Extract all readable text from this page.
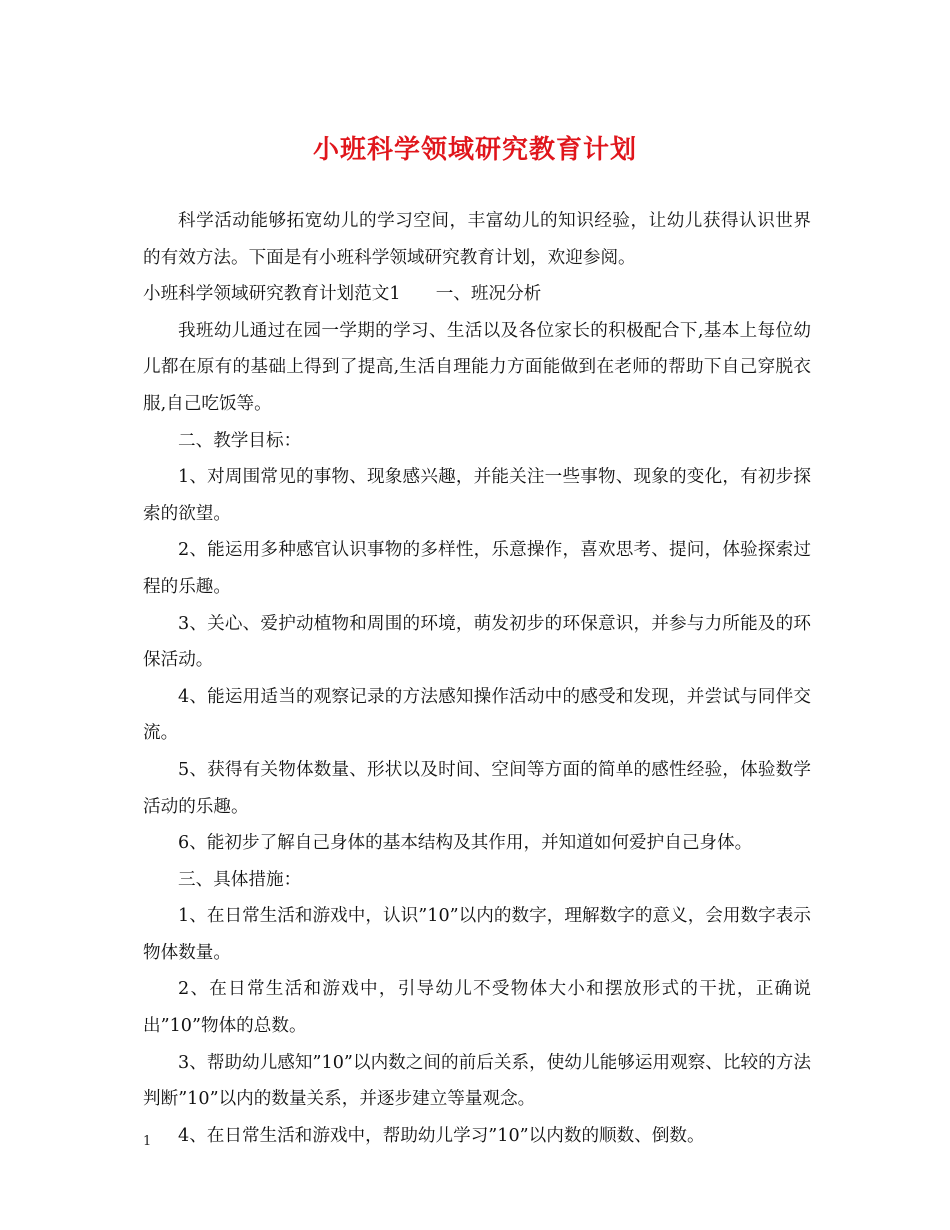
小班科学领域研究教育计划

科学活动能够拓宽幼儿的学习空间，丰富幼儿的知识经验，让幼儿获得认识世界的有效方法。下面是有小班科学领域研究教育计划，欢迎参阅。

小班科学领域研究教育计划范文1　　一、班况分析

我班幼儿通过在园一学期的学习、生活以及各位家长的积极配合下,基本上每位幼儿都在原有的基础上得到了提高,生活自理能力方面能做到在老师的帮助下自己穿脱衣服,自己吃饭等。

二、教学目标：

1、对周围常见的事物、现象感兴趣，并能关注一些事物、现象的变化，有初步探索的欲望。

2、能运用多种感官认识事物的多样性，乐意操作，喜欢思考、提问，体验探索过程的乐趣。

3、关心、爱护动植物和周围的环境，萌发初步的环保意识，并参与力所能及的环保活动。

4、能运用适当的观察记录的方法感知操作活动中的感受和发现，并尝试与同伴交流。

5、获得有关物体数量、形状以及时间、空间等方面的简单的感性经验，体验数学活动的乐趣。

6、能初步了解自己身体的基本结构及其作用，并知道如何爱护自己身体。

三、具体措施：

1、在日常生活和游戏中，认识”10”以内的数字，理解数字的意义，会用数字表示物体数量。

2、在日常生活和游戏中，引导幼儿不受物体大小和摆放形式的干扰，正确说出”10”物体的总数。

3、帮助幼儿感知”10”以内数之间的前后关系，使幼儿能够运用观察、比较的方法判断”10”以内的数量关系，并逐步建立等量观念。

4、在日常生活和游戏中，帮助幼儿学习”10”以内数的顺数、倒数。

1
